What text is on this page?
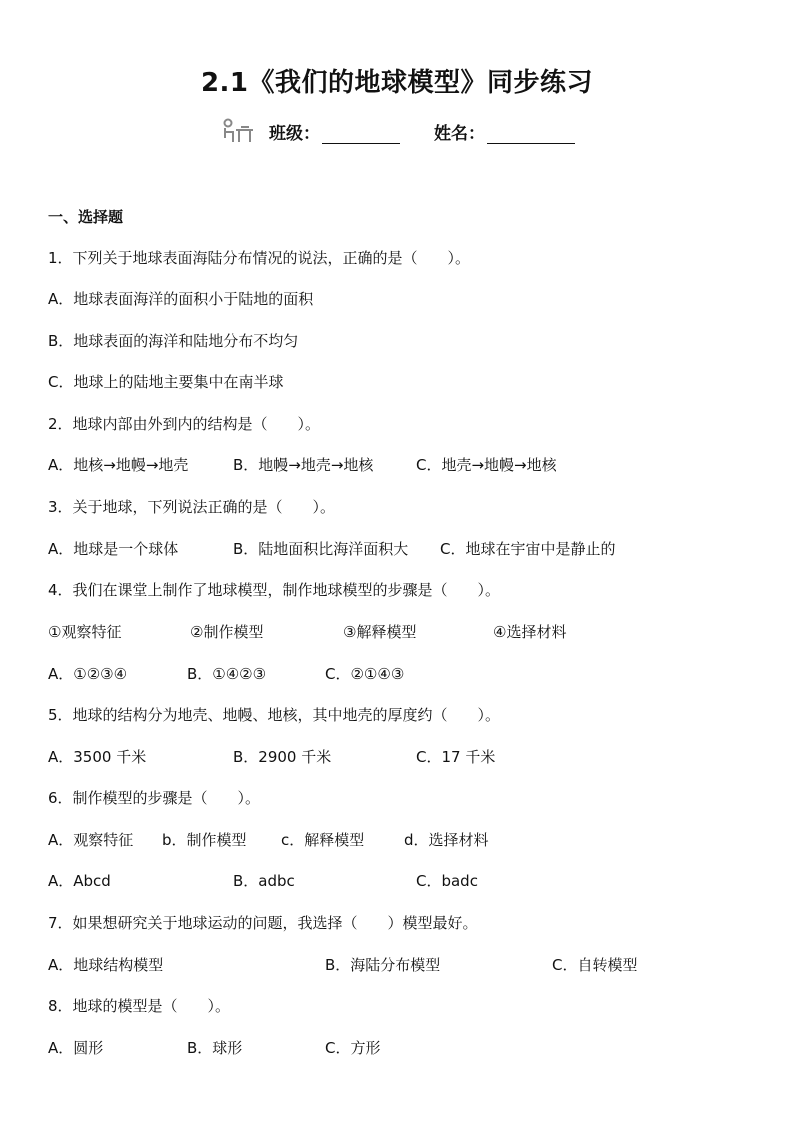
2.1《我们的地球模型》同步练习
班级：	姓名：
一、选择题
1．下列关于地球表面海陆分布情况的说法，正确的是（　　）。
A．地球表面海洋的面积小于陆地的面积
B．地球表面的海洋和陆地分布不均匀
C．地球上的陆地主要集中在南半球
2．地球内部由外到内的结构是（　　）。
A．地核→地幔→地壳	B．地幔→地壳→地核	C．地壳→地幔→地核
3．关于地球，下列说法正确的是（　　）。
A．地球是一个球体	B．陆地面积比海洋面积大 C．地球在宇宙中是静止的
4．我们在课堂上制作了地球模型，制作地球模型的步骤是（　　）。
①观察特征	②制作模型	③解释模型	④选择材料
A．①②③④	B．①④②③	C．②①④③
5．地球的结构分为地壳、地幔、地核，其中地壳的厚度约（　　）。
A．3500 千米	B．2900 千米	C．17 千米
6．制作模型的步骤是（　　）。
A．观察特征 b．制作模型 c．解释模型	d．选择材料
A．Abcd	B．adbc	C．badc
7．如果想研究关于地球运动的问题，我选择（　　）模型最好。
A．地球结构模型	B．海陆分布模型	C．自转模型
8．地球的模型是（　　）。
A．圆形	B．球形	C．方形
